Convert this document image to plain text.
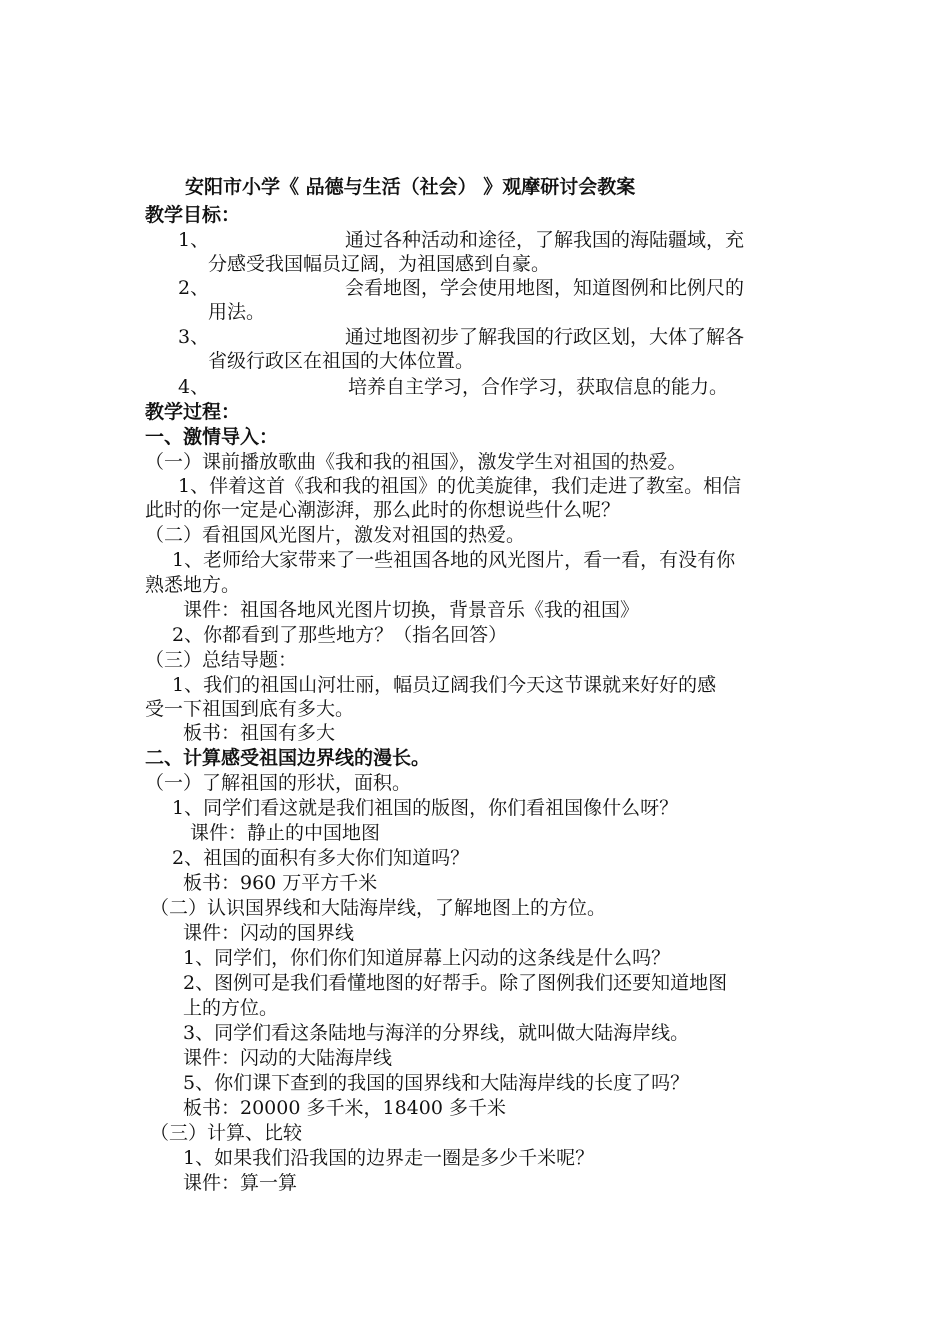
安阳市小学《 品德与生活（社会） 》观摩研讨会教案
教学目标：
1、	通过各种活动和途径，了解我国的海陆疆域，充
分感受我国幅员辽阔，为祖国感到自豪。
2、	会看地图，学会使用地图，知道图例和比例尺的
用法。
3、	通过地图初步了解我国的行政区划，大体了解各
省级行政区在祖国的大体位置。
4、	培养自主学习，合作学习，获取信息的能力。
教学过程：
一、激情导入：
（一）课前播放歌曲《我和我的祖国》，激发学生对祖国的热爱。
1、伴着这首《我和我的祖国》的优美旋律，我们走进了教室。相信
此时的你一定是心潮澎湃，那么此时的你想说些什么呢？
（二）看祖国风光图片，激发对祖国的热爱。
1、老师给大家带来了一些祖国各地的风光图片，看一看，有没有你
熟悉地方。
课件：祖国各地风光图片切换，背景音乐《我的祖国》
2、你都看到了那些地方？（指名回答）
（三）总结导题：
1、我们的祖国山河壮丽，幅员辽阔我们今天这节课就来好好的感
受一下祖国到底有多大。
板书：祖国有多大
二、计算感受祖国边界线的漫长。
（一）了解祖国的形状，面积。
1、同学们看这就是我们祖国的版图，你们看祖国像什么呀？
课件：静止的中国地图
2、祖国的面积有多大你们知道吗？
板书：960 万平方千米
（二）认识国界线和大陆海岸线，了解地图上的方位。
课件：闪动的国界线
1、同学们，你们你们知道屏幕上闪动的这条线是什么吗？
2、图例可是我们看懂地图的好帮手。除了图例我们还要知道地图
上的方位。
3、同学们看这条陆地与海洋的分界线，就叫做大陆海岸线。
课件：闪动的大陆海岸线
5、你们课下查到的我国的国界线和大陆海岸线的长度了吗？
板书：20000 多千米，18400 多千米
（三）计算、比较
1、如果我们沿我国的边界走一圈是多少千米呢？
课件：算一算
